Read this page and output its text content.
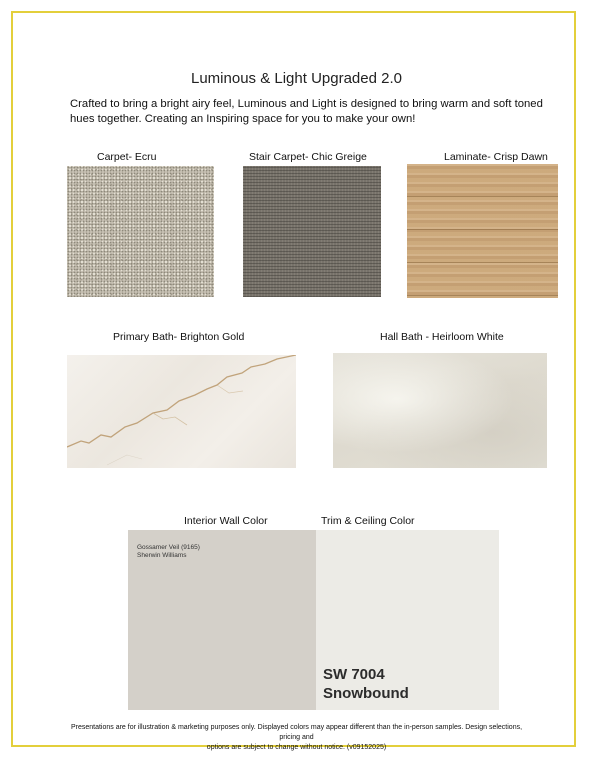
Luminous & Light Upgraded 2.0
Crafted to bring a bright airy feel, Luminous and Light is designed to bring warm and soft toned hues together. Creating an Inspiring space for you to make your own!
Carpet- Ecru	Stair Carpet- Chic Greige	Laminate- Crisp Dawn
Primary Bath- Brighton Gold	Hall Bath - Heirloom White
Interior Wall Color	Trim & Ceiling Color
Gossamer Veil (9165)
Sherwin Williams
SW 7004
Snowbound
Presentations are for illustration & marketing purposes only. Displayed colors may appear different than the in-person samples. Design selections, pricing and
options are subject to change without notice. (v09152025)
